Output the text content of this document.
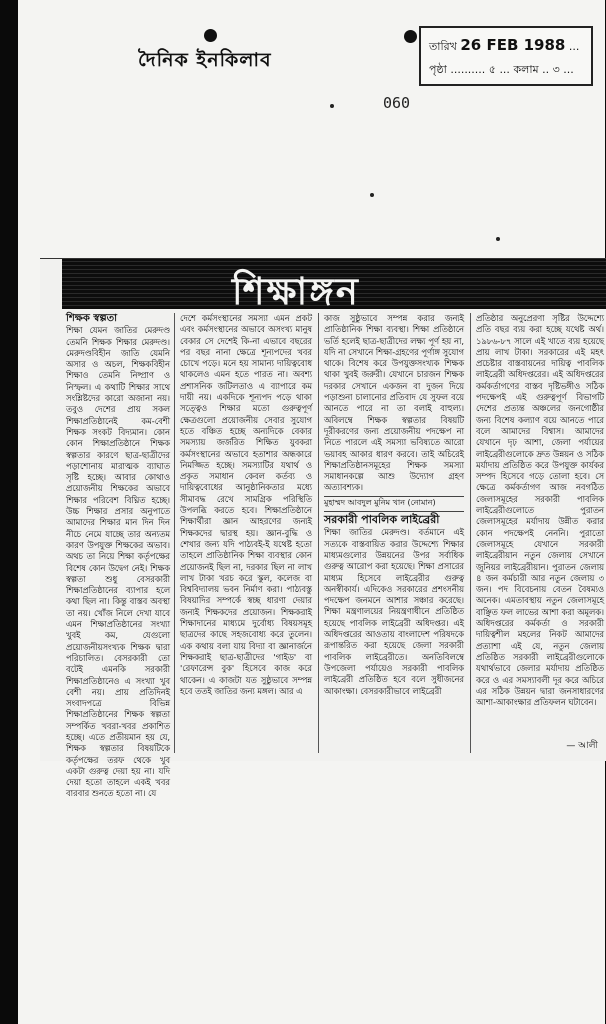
দৈনিক ইনকিলাব
তারিখ 26 FEB 1988 ...
পৃষ্ঠা .......... ৫ ... কলাম .. ৩ ...
060
শিক্ষাঙ্গন
শিক্ষক স্বল্পতা
শিক্ষা যেমন জাতির মেরুদণ্ড তেমনি শিক্ষক শিক্ষার মেরুদণ্ড। মেরুদণ্ডবিহীন জাতি যেমনি অসার ও অচল, শিক্ষকবিহীন শিক্ষাও তেমনি নিষ্প্রাণ ও নিস্ফল। এ কথাটি শিক্ষার সাথে সংশ্লিষ্টদের কারো অজানা নয়। তবুও দেশের প্রায় সকল শিক্ষাপ্রতিষ্ঠানেই কম-বেশী শিক্ষক সংকট বিদ্যমান। কোন কোন শিক্ষাপ্রতিষ্ঠানে শিক্ষক স্বল্পতার কারণে ছাত্র-ছাত্রীদের পড়াশোনায় মারাত্মক ব্যাঘাত সৃষ্টি হচ্ছে। আবার কোথাও প্রয়োজনীয় শিক্ষকের অভাবে শিক্ষার পরিবেশ বিঘ্নিত হচ্ছে। উচ্চ শিক্ষার প্রসার অনুপাতে আমাদের শিক্ষার মান দিন দিন নীচে নেমে যাচ্ছে তার অন্যতম কারণ উপযুক্ত শিক্ষকের অভাব। অথচ তা নিয়ে শিক্ষা কর্তৃপক্ষের বিশেষ কোন উদ্বেগ নেই। শিক্ষক স্বল্পতা শুধু বেসরকারী শিক্ষাপ্রতিষ্ঠানের ব্যাপার হলে কথা ছিল না। কিন্তু বাস্তব অবস্থা তা নয়। খোঁজ নিলে দেখা যাবে এমন শিক্ষাপ্রতিষ্ঠানের সংখ্যা খুবই কম, যেগুলো প্রয়োজনীয়সংখ্যক শিক্ষক দ্বারা পরিচালিত। বেসরকারী তো বটেই এমনকি সরকারী শিক্ষাপ্রতিষ্ঠানেও এ সংখ্যা খুব বেশী নয়। প্রায় প্রতিদিনই সংবাদপত্রে বিভিন্ন শিক্ষাপ্রতিষ্ঠানের শিক্ষক স্বল্পতা সম্পর্কিত খবরা-খবর প্রকাশিত হচ্ছে। এতে প্রতীয়মান হয় যে, শিক্ষক স্বল্পতার বিষয়টিকে কর্তৃপক্ষের তরফ থেকে খুব একটা গুরুত্ব দেয়া হয় না। যদি দেয়া হতো তাহলে একই খবর বারবার শুনতে হতো না। যে
দেশে কর্মসংস্থানের সমস্যা এমন প্রকট এবং কর্মসংস্থানের অভাবে অসংখ্য মানুষ বেকার সে দেশেই কি-না এভাবে বছরের পর বছর নানা ক্ষেত্রে শূন্যপদের খবর চোখে পড়ে। মনে হয় সামান্য দায়িত্ববোধ থাকলেও এমন হতে পারত না। অবশ্য প্রশাসনিক জটিলতাও এ ব্যাপারে কম দায়ী নয়। একদিকে শূন্যপদ পড়ে থাকা সত্ত্বেও শিক্ষার মতো গুরুত্বপূর্ণ ক্ষেত্রগুলো প্রয়োজনীয় সেবার সুযোগ হতে বঞ্চিত হচ্ছে অন্যদিকে বেকার সমস্যায় জর্জরিত শিক্ষিত যুবকরা কর্মসংস্থানের অভাবে হতাশার অন্ধকারে নিমজ্জিত হচ্ছে। সমস্যাটির যথার্থ ও প্রকৃত সমাধান কেবল কর্তব্য ও দায়িত্ববোধের আনুষ্ঠানিকতার মধ্যে সীমাবদ্ধ রেখে সামগ্রিক পরিস্থিতি উপলব্ধি করতে হবে। শিক্ষাপ্রতিষ্ঠানে শিক্ষার্থীরা জ্ঞান আহরণের জন্যই শিক্ষকদের দ্বারস্থ হয়। জ্ঞান-বুদ্ধি ও শেখার জন্য যদি পাঠ্যবই-ই যথেষ্ট হতো তাহলে প্রাতিষ্ঠানিক শিক্ষা ব্যবস্থার কোন প্রয়োজনই ছিল না, দরকার ছিল না লাখ লাখ টাকা খরচ করে স্কুল, কলেজ বা বিশ্ববিদ্যালয় ভবন নির্মাণ করা। পাঠ্যবস্তু বিষয়াদির সম্পর্কে স্বচ্ছ ধারণা দেয়ার জন্যই শিক্ষকদের প্রয়োজন। শিক্ষকরাই শিক্ষাদানের মাধ্যমে দুর্বোধ্য বিষয়সমূহ ছাত্রদের কাছে সহজবোধ্য করে তুলেন। এক কথায় বলা যায় বিদ্যা বা জ্ঞানার্জনে শিক্ষকরাই ছাত্র-ছাত্রীদের 'গাইড' বা 'রেফারেন্স বুক' হিসেবে কাজ করে থাকেন। এ কাজটা যত সুষ্ঠুভাবে সম্পন্ন হবে ততই জাতির জন্য মঙ্গল। আর এ
কাজ সুষ্ঠুভাবে সম্পন্ন করার জন্যই প্রাতিষ্ঠানিক শিক্ষা ব্যবস্থা। শিক্ষা প্রতিষ্ঠানে ভর্তি হলেই ছাত্র-ছাত্রীদের লক্ষ্য পূর্ণ হয় না, যদি না সেখানে শিক্ষা-গ্রহণের পূর্ণাঙ্গ সুযোগ থাকে। বিশেষ করে উপযুক্তসংখ্যক শিক্ষক থাকা খুবই জরুরী। যেখানে চারজন শিক্ষক দরকার সেখানে একজন বা দুজন দিয়ে পড়াশুনা চালানোর প্রতিবাদ যে সুফল বয়ে আনতে পারে না তা বলাই বাহুল্য। অবিলম্বে শিক্ষক স্বল্পতার বিষয়টি দূরীকরণের জন্য প্রয়োজনীয় পদক্ষেপ না নিতে পারলে এই সমস্যা ভবিষ্যতে আরো ভয়াবহ আকার ধারণ করবে। তাই অচিরেই শিক্ষাপ্রতিষ্ঠানসমূহের শিক্ষক সমস্যা সমাধানকল্পে আশু উদ্যোগ গ্রহণ অত্যাবশ্যক।
মুহাম্মদ আবদুল মুনিম খান (নোমান)
সরকারী পাবলিক লাইব্রেরী
শিক্ষা জাতির মেরুদণ্ড। বর্তমানে এই সত্যকে বাস্তবায়িত করার উদ্দেশ্যে শিক্ষার মাধ্যমগুলোর উন্নয়নের উপর সর্বাধিক গুরুত্ব আরোপ করা হয়েছে। শিক্ষা প্রসারের মাধ্যম হিসেবে লাইব্রেরীর গুরুত্ব অনস্বীকার্য। এদিকেও সরকারের প্রশংসনীয় পদক্ষেপ জনমনে আশার সঞ্চার করেছে। শিক্ষা মন্ত্রণালয়ের নিয়ন্ত্রণাধীনে প্রতিষ্ঠিত হয়েছে পাবলিক লাইব্রেরী অধিদপ্তর। এই অধিদপ্তরের আওতায় বাংলাদেশ পরিষদকে রূপান্তরিত করা হয়েছে জেলা সরকারী পাবলিক লাইব্রেরীতে। অনতিবিলম্বে উপজেলা পর্যায়েও সরকারী পাবলিক লাইব্রেরী প্রতিষ্ঠিত হবে বলে সুধীজনের আকাংক্ষা। বেসরকারীভাবে লাইব্রেরী
প্রতিষ্ঠার অনুপ্রেরণা সৃষ্টির উদ্দেশ্যে প্রতি বছর ব্যয় করা হচ্ছে যথেষ্ট অর্থ। ১৯৮৬-৮৭ সালে এই খাতে ব্যয় হয়েছে প্রায় লাখ টাকা। সরকারের এই মহৎ প্রচেষ্টার বাস্তবায়নের দায়িত্ব পাবলিক লাইব্রেরী অধিদপ্তরের। এই অধিদপ্তরের কর্মকর্তাগণের বাস্তব দৃষ্টিভঙ্গীও সঠিক পদক্ষেপই এই গুরুত্বপূর্ণ বিভাগটি দেশের প্রত্যন্ত অঞ্চলের জনগোষ্ঠীর জন্য বিশেষ কল্যাণ বয়ে আনতে পারে বলে আমাদের বিশ্বাস। আমাদের যেখানে দৃঢ় আশা, জেলা পর্যায়ের লাইব্রেরীগুলোকে দ্রুত উন্নয়ন ও সঠিক মর্যাদায় প্রতিষ্ঠিত করে উপযুক্ত কার্যকর সম্পদ হিসেবে গড়ে তোলা হবে। সে ক্ষেত্রে কর্মকর্তাগণ আজ নবগঠিত জেলাসমূহের সরকারী পাবলিক লাইব্রেরীগুলোতে পুরাতন জেলাসমূহের মর্যাদায় উন্নীত করার কোন পদক্ষেপই নেননি। পুরাতো জেলাসমূহে যেখানে সরকারী লাইব্রেরীয়ান নতুন জেলায় সেখানে জুনিয়র লাইব্রেরীয়ান। পুরাতন জেলায় ৪ জন কর্মচারী আর নতুন জেলায় ৩ জন। পদ বিবেচনায় বেতন বৈষম্যও অনেক। এমতাবস্থায় নতুন জেলাসমূহে বাঞ্ছিত ফল লাভের আশা করা অমূলক। অধিদপ্তরের কর্মকর্তা ও সরকারী দায়িত্বশীল মহলের নিকট আমাদের প্রত্যাশা এই যে, নতুন জেলায় প্রতিষ্ঠিত সরকারী লাইব্রেরীগুলোকে যথার্থভাবে জেলার মর্যাদায় প্রতিষ্ঠিত করে ও এর সমস্যাবলী দূর করে অচিরে এর সঠিক উন্নয়ন দ্বারা জনসাধারণের আশা-আকাংক্ষার প্রতিফলন ঘটাবেন।
— আলী
